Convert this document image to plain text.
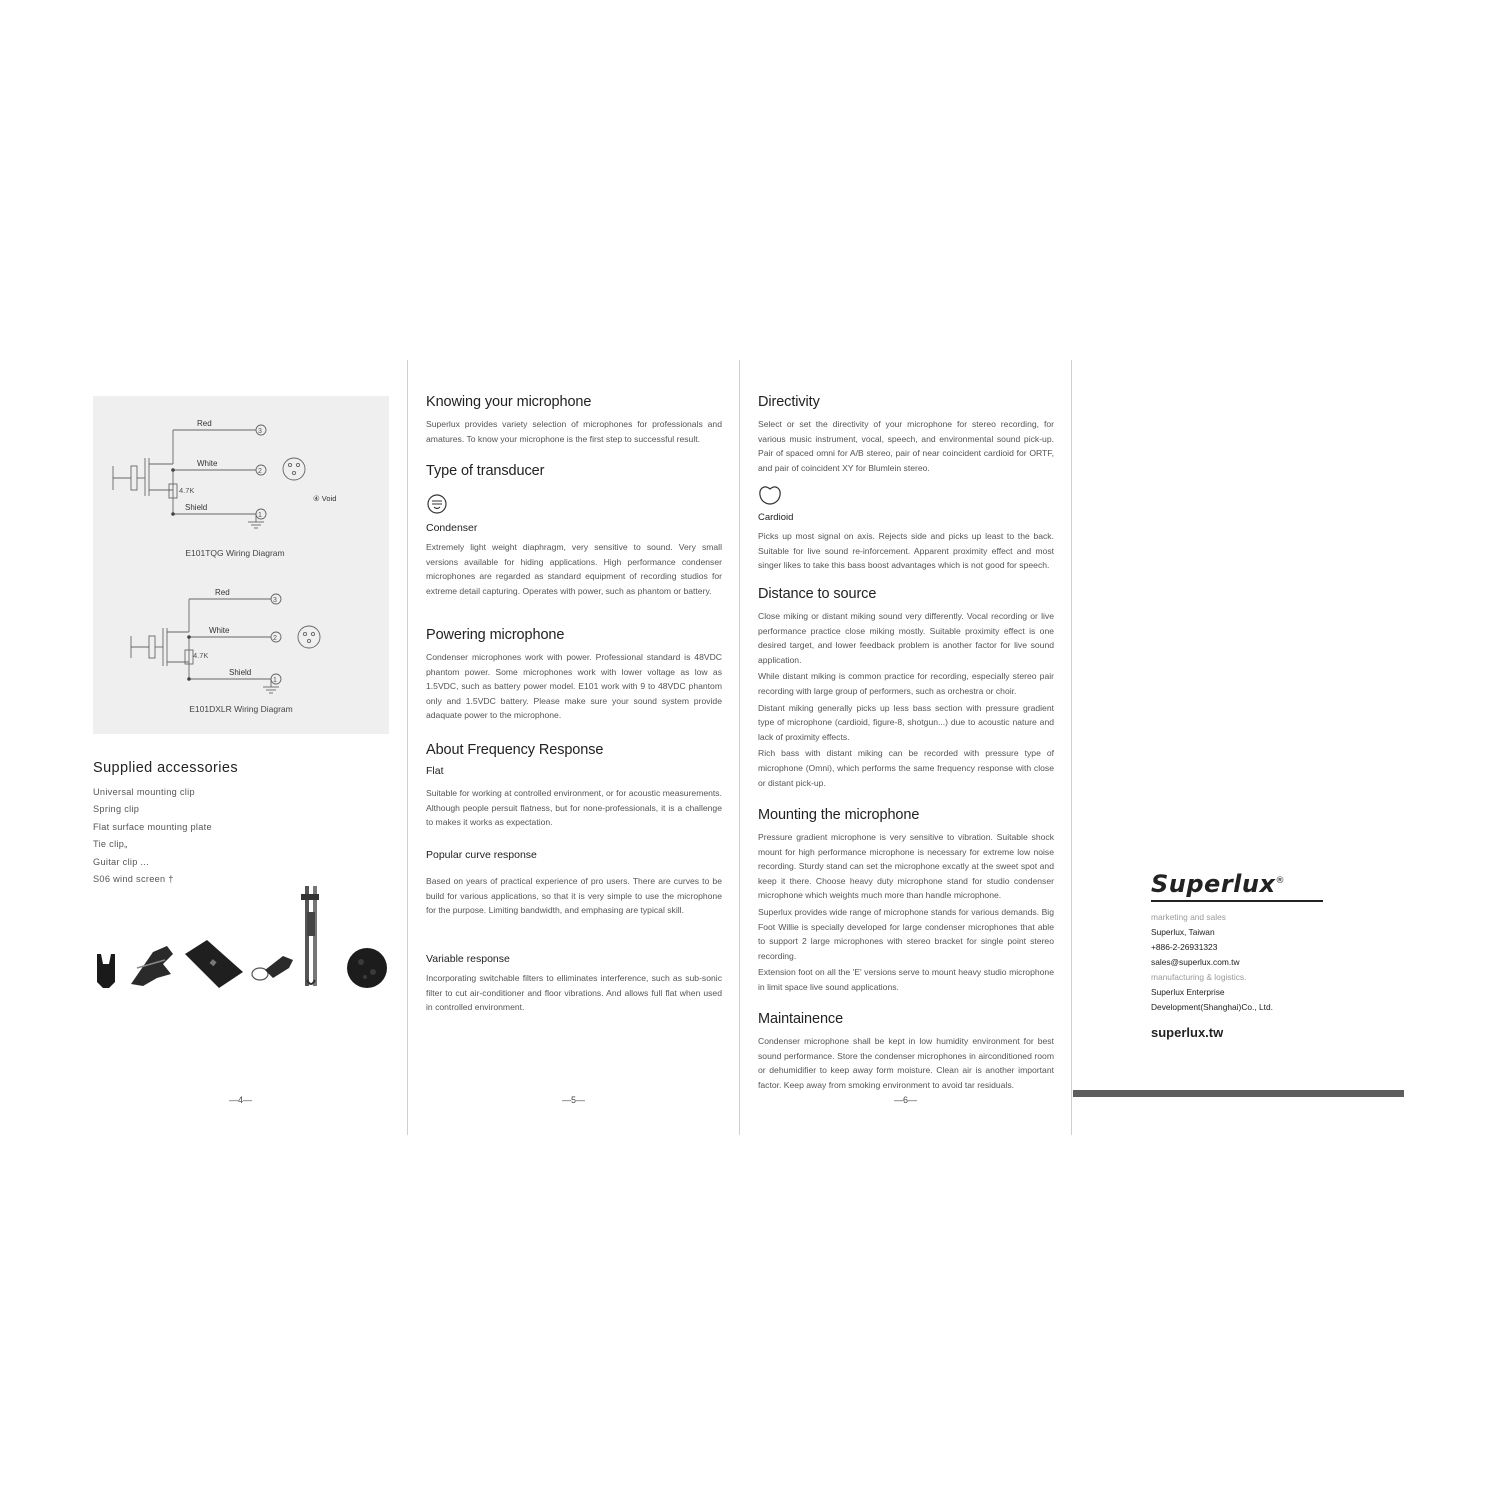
Red
White
Shield
4.7K
3
2
1
④ Void
E101TQG Wiring Diagram
Red
White
Shield
4.7K
3
2
1
E101DXLR Wiring Diagram
Supplied accessories
Universal mounting clip
Spring clip
Flat surface mounting plate
Tie clip„
Guitar clip ...
S06 wind screen †
—4—
Knowing your microphone

Superlux provides variety selection of microphones for professionals and amatures. To know your microphone is the first step to successful result.

Type of transducer
Condenser

Extremely light weight diaphragm, very sensitive to sound. Very small versions available for hiding applications. High performance condenser microphones are regarded as standard equipment of recording studios for extreme detail capturing. Operates with power, such as phantom or battery.

Powering microphone

Condenser microphones work with power. Professional standard is 48VDC phantom power. Some microphones work with lower voltage as low as 1.5VDC, such as battery power model. E101 work with 9 to 48VDC phantom only and 1.5VDC battery. Please make sure your sound system provide adaquate power to the microphone.

About Frequency Response
Flat

Suitable for working at controlled environment, or for acoustic measurements. Although people persuit flatness, but for none-professionals, it is a challenge to makes it works as expectation.

Popular curve response

Based on years of practical experience of pro users. There are curves to be build for various applications, so that it is very simple to use the microphone for the purpose. Limiting bandwidth, and emphasing are typical skill.

Variable response

Incorporating switchable filters to elliminates interference, such as sub-sonic filter to cut air-conditioner and floor vibrations. And allows full flat when used in controlled environment.

—5—
Directivity

Select or set the directivity of your microphone for stereo recording, for various music instrument, vocal, speech, and environmental sound pick-up. Pair of spaced omni for A/B stereo, pair of near coincident cardioid for ORTF, and pair of coincident XY for Blumlein stereo.

Cardioid

Picks up most signal on axis. Rejects side and picks up least to the back. Suitable for live sound re-inforcement. Apparent proximity effect and most singer likes to take this bass boost advantages which is not good for speech.

Distance to source

Close miking or distant miking sound very differently. Vocal recording or live performance practice close miking mostly. Suitable proximity effect is one desired target, and lower feedback problem is another factor for live sound application.

While distant miking is common practice for recording, especially stereo pair recording with large group of performers, such as orchestra or choir.

Distant miking generally picks up less bass section with pressure gradient type of microphone (cardioid, figure-8, shotgun...) due to acoustic nature and lack of proximity effects.

Rich bass with distant miking can be recorded with pressure type of microphone (Omni), which performs the same frequency response with close or distant pick-up.

Mounting the microphone

Pressure gradient microphone is very sensitive to vibration. Suitable shock mount for high performance microphone is necessary for extreme low noise recording. Sturdy stand can set the microphone excatly at the sweet spot and keep it there. Choose heavy duty microphone stand for studio condenser microphone which weights much more than handle microphone.

Superlux provides wide range of microphone stands for various demands. Big Foot Willie is specially developed for large condenser microphones that able to support 2 large microphones with stereo bracket for single point stereo recording.

Extension foot on all the 'E' versions serve to mount heavy studio microphone in limit space live sound applications.

Maintainence

Condenser microphone shall be kept in low humidity environment for best sound performance. Store the condenser microphones in airconditioned room or dehumidifier to keep away form moisture. Clean air is another important factor. Keep away from smoking environment to avoid tar residuals.

—6—
Superlux®
marketing and sales
Superlux, Taiwan
+886-2-26931323
sales@superlux.com.tw
manufacturing & logistics.
Superlux Enterprise
Development(Shanghai)Co., Ltd.
superlux.tw
